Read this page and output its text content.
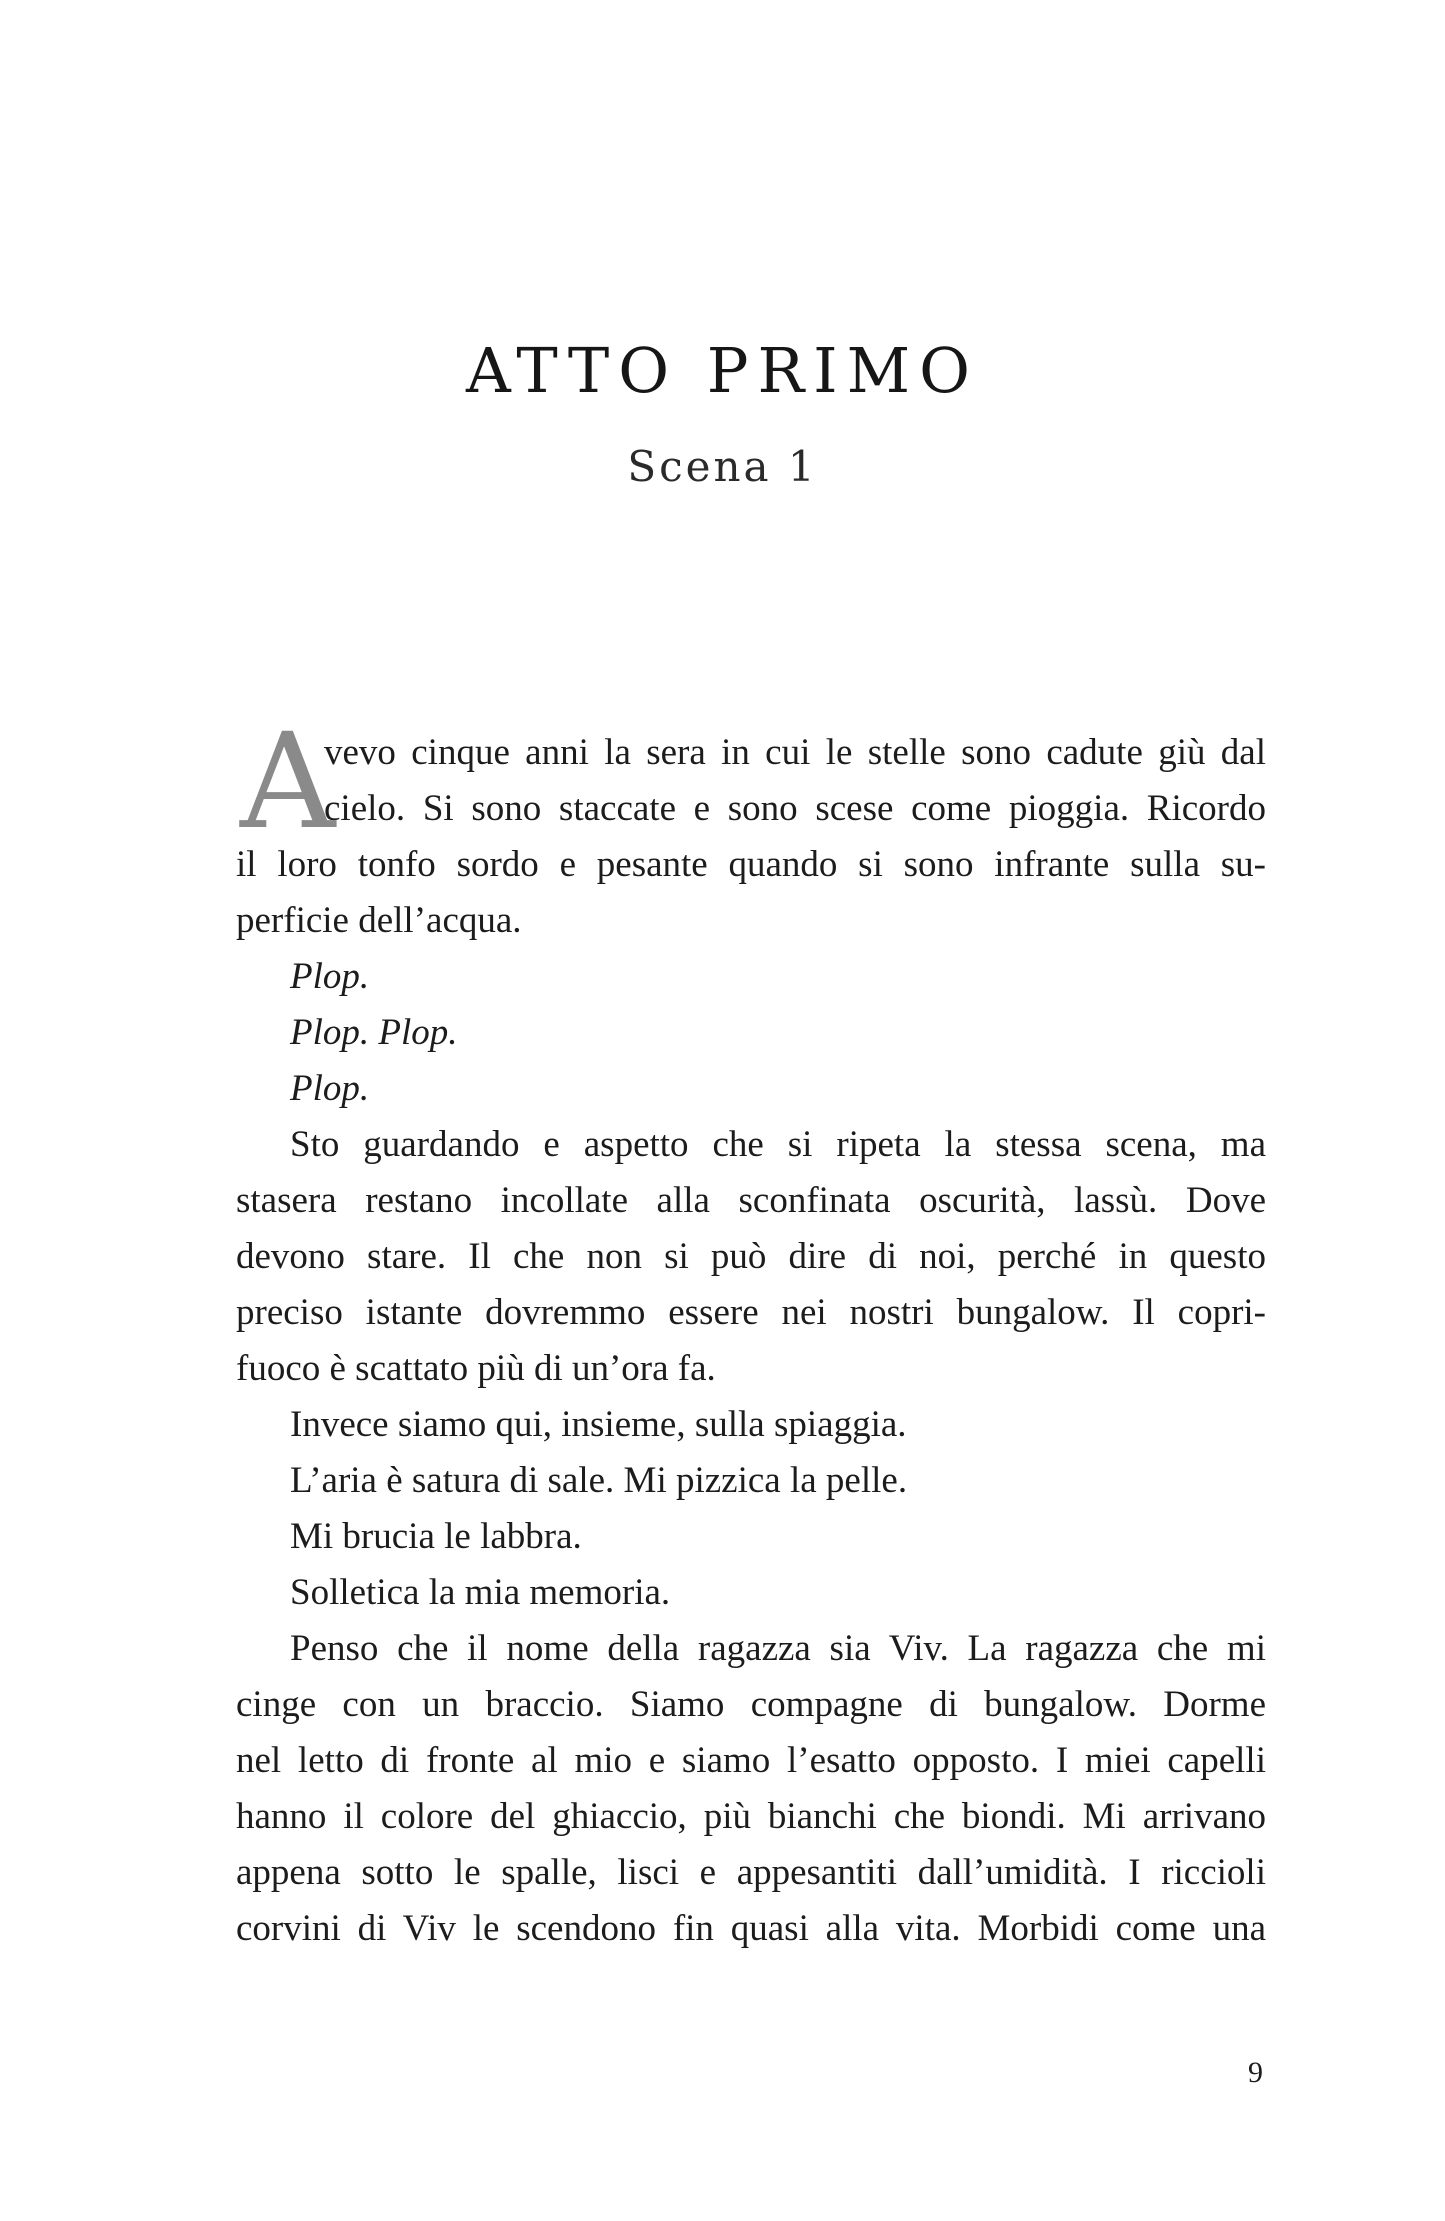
ATTO PRIMO
Scena 1
A
vevo cinque anni la sera in cui le stelle sono cadute giù dal
cielo. Si sono staccate e sono scese come pioggia. Ricordo
il loro tonfo sordo e pesante quando si sono infrante sulla su-
perficie dell’acqua.
Plop.
Plop. Plop.
Plop.
Sto guardando e aspetto che si ripeta la stessa scena, ma
stasera restano incollate alla sconfinata oscurità, lassù. Dove
devono stare. Il che non si può dire di noi, perché in questo
preciso istante dovremmo essere nei nostri bungalow. Il copri-
fuoco è scattato più di un’ora fa.
Invece siamo qui, insieme, sulla spiaggia.
L’aria è satura di sale. Mi pizzica la pelle.
Mi brucia le labbra.
Solletica la mia memoria.
Penso che il nome della ragazza sia Viv. La ragazza che mi
cinge con un braccio. Siamo compagne di bungalow. Dorme
nel letto di fronte al mio e siamo l’esatto opposto. I miei capelli
hanno il colore del ghiaccio, più bianchi che biondi. Mi arrivano
appena sotto le spalle, lisci e appesantiti dall’umidità. I riccioli
corvini di Viv le scendono fin quasi alla vita. Morbidi come una
9
